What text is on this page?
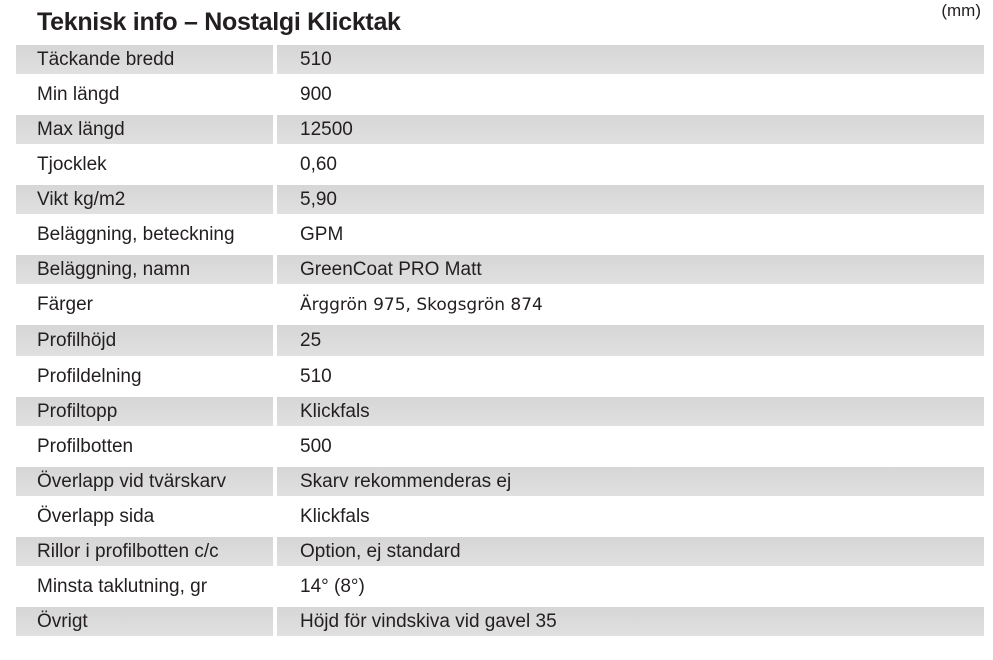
Teknisk info – Nostalgi Klicktak	(mm)
Täckande bredd	510
Min längd	900
Max längd	12500
Tjocklek	0,60
Vikt kg/m2	5,90
Beläggning, beteckning	GPM
Beläggning, namn	GreenCoat PRO Matt
Färger	Ärggrön 975, Skogsgrön 874
Profilhöjd	25
Profildelning	510
Profiltopp	Klickfals
Profilbotten	500
Överlapp vid tvärskarv	Skarv rekommenderas ej
Överlapp sida	Klickfals
Rillor i profilbotten c/c	Option, ej standard
Minsta taklutning, gr	14° (8°)
Övrigt	Höjd för vindskiva vid gavel 35
